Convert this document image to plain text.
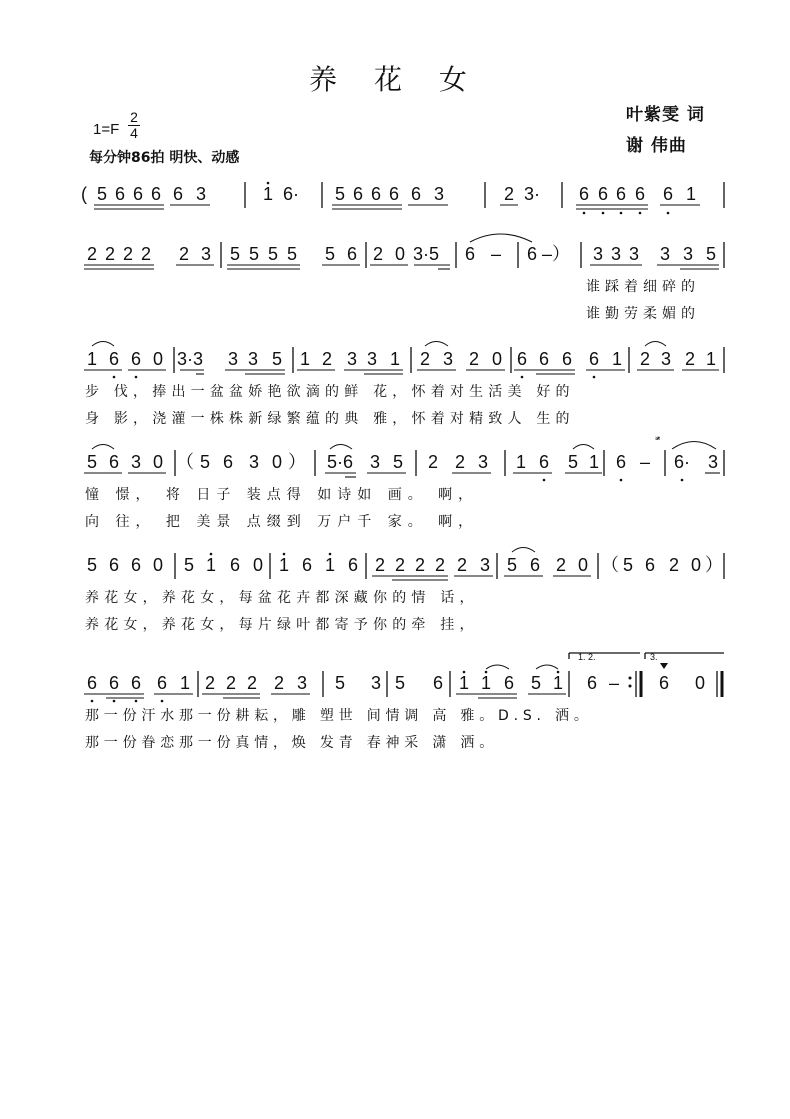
养 花 女
叶紫雯 词
谢 伟曲
1=F
2
4
每分钟86拍 明快、动感
( 5 6 6 6 6 3	1 6· 5 6 6 6 6 3	2 3· 6 6 6 6 6 1
2 2 2 2 2 3 5 5 5 5 5 6 2 0 3·5 6 – 6 –） 3 3 3 3 3 5
谁踩着细碎的
谁勤劳柔媚的
1 6 6 0 3·3 3 3 5 1 2 3 3 1 2 3 2 0 6 6 6 6 1 2 3 2 1
步 伐，捧出一盆盆娇艳欲滴的鲜 花，怀着对生活美 好的
身 影，浇灌一株株新绿繁蕴的典 雅，怀着对精致人 生的
5 6 3 0 （ 5 6 3 0 ） 5·6 3 5 2 2 3 1 6 5 1 6 – 6· 3
𝄋
憧 憬， 将 日子 装点得 如诗如 画。 啊，
向 往， 把 美景 点缀到 万户千 家。 啊，
5 6 6 0 5 1 6 0 1 6 1 6 2 2 2 2 2 3 5 6 2 0 （ 5 6 2 0 ）
养花女，养花女，每盆花卉都深藏你的情 话，
养花女，养花女，每片绿叶都寄予你的牵 挂，
6 6 6 6 1 2 2 2 2 3 5 3 5 6 1 1 6 5 1
1. 2.
6 –
3.
6 0
那一份汗水那一份耕耘，雕 塑世 间情调 高 雅。D.S. 洒。
那一份眷恋那一份真情，焕 发青 春神采 潇 洒。
